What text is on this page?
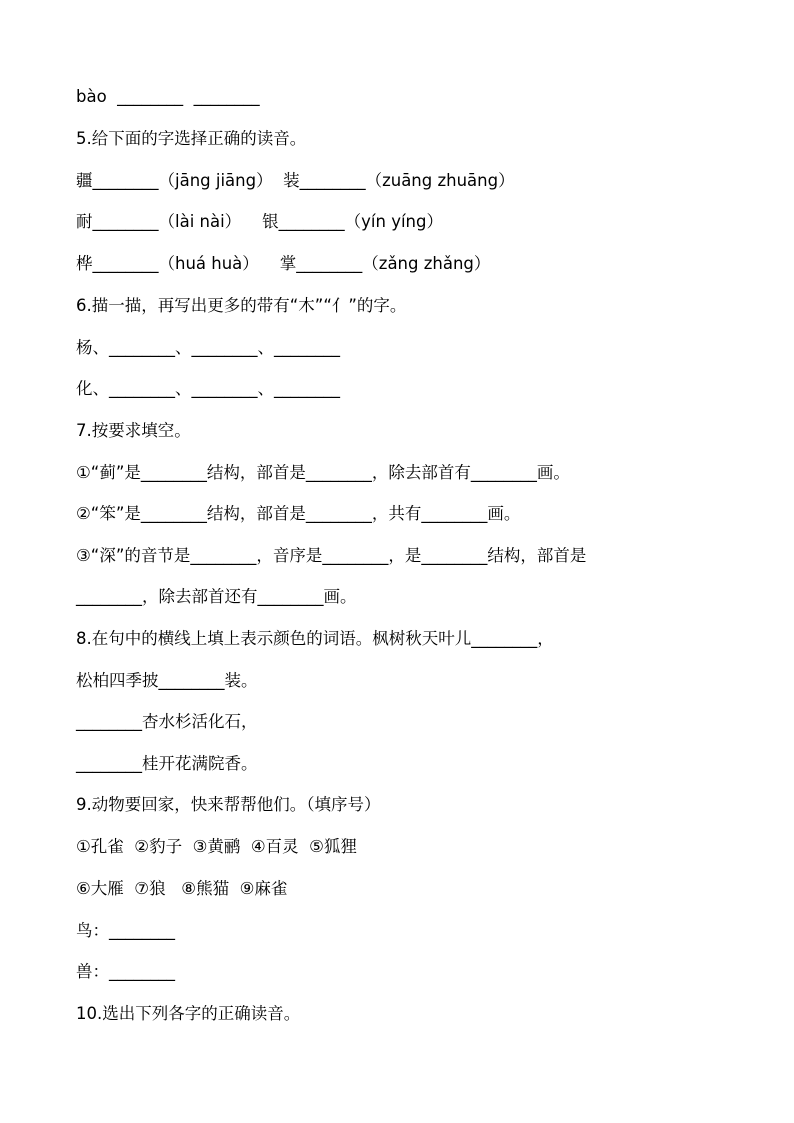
bào  ________  ________
5.给下面的字选择正确的读音。
疆________（jāng jiāng）  装________（zuāng zhuāng）
耐________（lài nài）    银________（yín yíng）
桦________（huá huà）    掌________（zǎng zhǎng）
6.描一描，再写出更多的带有“木”“亻”的字。
杨、________、________、________
化、________、________、________
7.按要求填空。
①“蓟”是________结构，部首是________，除去部首有________画。
②“笨”是________结构，部首是________，共有________画。
③“深”的音节是________，音序是________，是________结构，部首是
________，除去部首还有________画。
8.在句中的横线上填上表示颜色的词语。枫树秋天叶儿________，
松柏四季披________装。
________杏水杉活化石，
________桂开花满院香。
9.动物要回家，快来帮帮他们。（填序号）
①孔雀  ②豹子  ③黄鹂  ④百灵  ⑤狐狸
⑥大雁  ⑦狼   ⑧熊猫  ⑨麻雀
鸟：________
兽：________
10.选出下列各字的正确读音。
